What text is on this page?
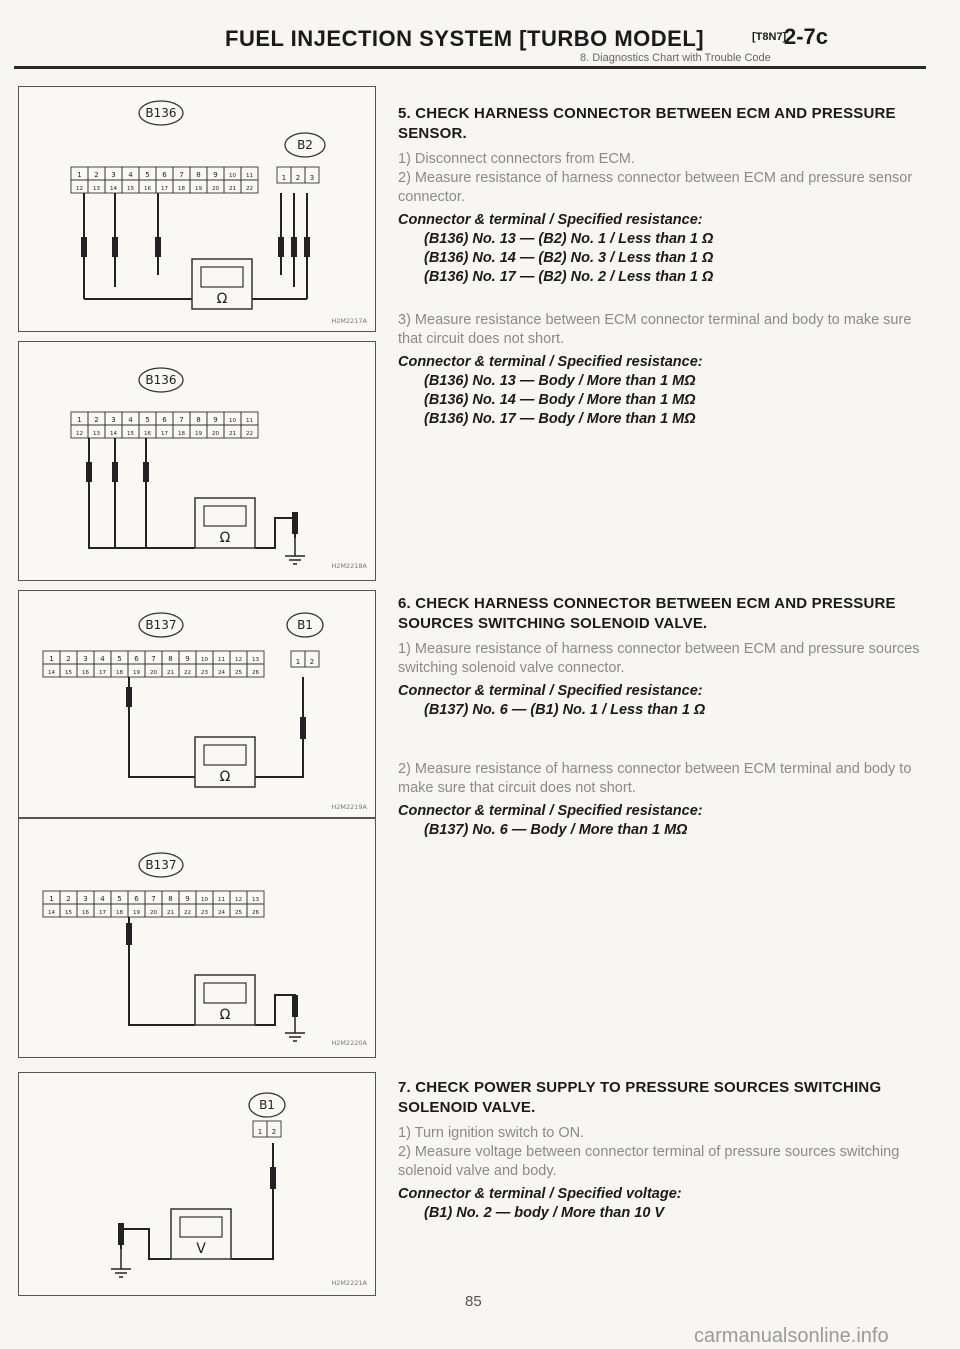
FUEL INJECTION SYSTEM [TURBO MODEL]	[T8N7]
2-7c
8. Diagnostics Chart with Trouble Code
B136
B2
1 2 3 4 5 6 7 8 9 10 11
12 13 14 15 16 17 18 19 20 21 22
1 2 3
Ω
H2M2217A
B136
1 2 3 4 5 6 7 8 9 10 11
12 13 14 15 16 17 18 19 20 21 22
Ω
H2M2218A
B137	B1
1 2 3 4 5 6 7 8 9 10 11 12 13
14 15 16 17 18 19 20 21 22 23 24 25 26
1 2
Ω
H2M2219A
B137
1 2 3 4 5 6 7 8 9 10 11 12 13
14 15 16 17 18 19 20 21 22 23 24 25 26
Ω
H2M2220A
B1
1 2
V
H2M2221A
5. CHECK HARNESS CONNECTOR BETWEEN ECM AND PRESSURE SENSOR.
1) Disconnect connectors from ECM.
2) Measure resistance of harness connector between ECM and pressure sensor connector.
Connector & terminal / Specified resistance:
(B136) No. 13 — (B2) No. 1 / Less than 1 Ω
(B136) No. 14 — (B2) No. 3 / Less than 1 Ω
(B136) No. 17 — (B2) No. 2 / Less than 1 Ω
3) Measure resistance between ECM connector terminal and body to make sure that circuit does not short.
Connector & terminal / Specified resistance:
(B136) No. 13 — Body / More than 1 MΩ
(B136) No. 14 — Body / More than 1 MΩ
(B136) No. 17 — Body / More than 1 MΩ
6. CHECK HARNESS CONNECTOR BETWEEN ECM AND PRESSURE SOURCES SWITCHING SOLENOID VALVE.
1) Measure resistance of harness connector between ECM and pressure sources switching solenoid valve connector.
Connector & terminal / Specified resistance:
(B137) No. 6 — (B1) No. 1 / Less than 1 Ω
2) Measure resistance of harness connector between ECM terminal and body to make sure that circuit does not short.
Connector & terminal / Specified resistance:
(B137) No. 6 — Body / More than 1 MΩ
7. CHECK POWER SUPPLY TO PRESSURE SOURCES SWITCHING SOLENOID VALVE.
1) Turn ignition switch to ON.
2) Measure voltage between connector terminal of pressure sources switching solenoid valve and body.
Connector & terminal / Specified voltage:
(B1) No. 2 — body / More than 10 V
85
carmanualsonline.info
